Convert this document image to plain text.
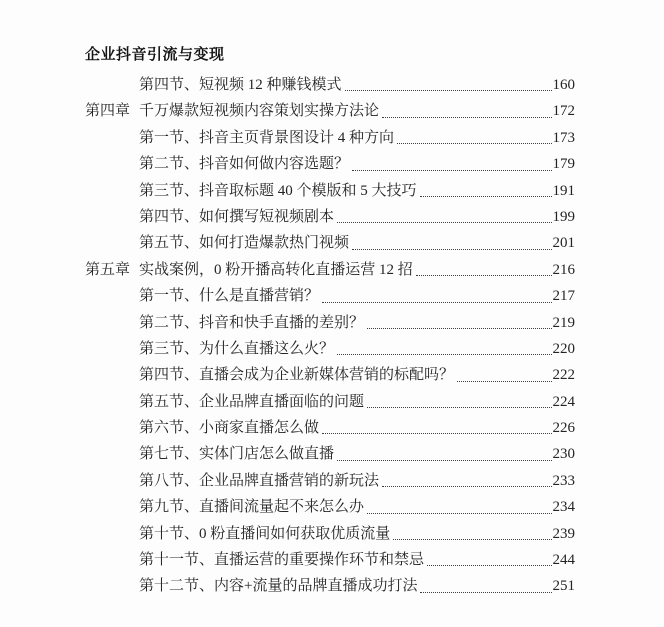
企业抖音引流与变现
第四节、短视频 12 种赚钱模式	160
第四章 千万爆款短视频内容策划实操方法论	172
第一节、抖音主页背景图设计 4 种方向	173
第二节、抖音如何做内容选题？	179
第三节、抖音取标题 40 个模版和 5 大技巧	191
第四节、如何撰写短视频剧本	199
第五节、如何打造爆款热门视频	201
第五章 实战案例，0 粉开播高转化直播运营 12 招	216
第一节、什么是直播营销？	217
第二节、抖音和快手直播的差别？	219
第三节、为什么直播这么火？	220
第四节、直播会成为企业新媒体营销的标配吗？	222
第五节、企业品牌直播面临的问题	224
第六节、小商家直播怎么做	226
第七节、实体门店怎么做直播	230
第八节、企业品牌直播营销的新玩法	233
第九节、直播间流量起不来怎么办	234
第十节、0 粉直播间如何获取优质流量	239
第十一节、直播运营的重要操作环节和禁忌	244
第十二节、内容+流量的品牌直播成功打法	251
